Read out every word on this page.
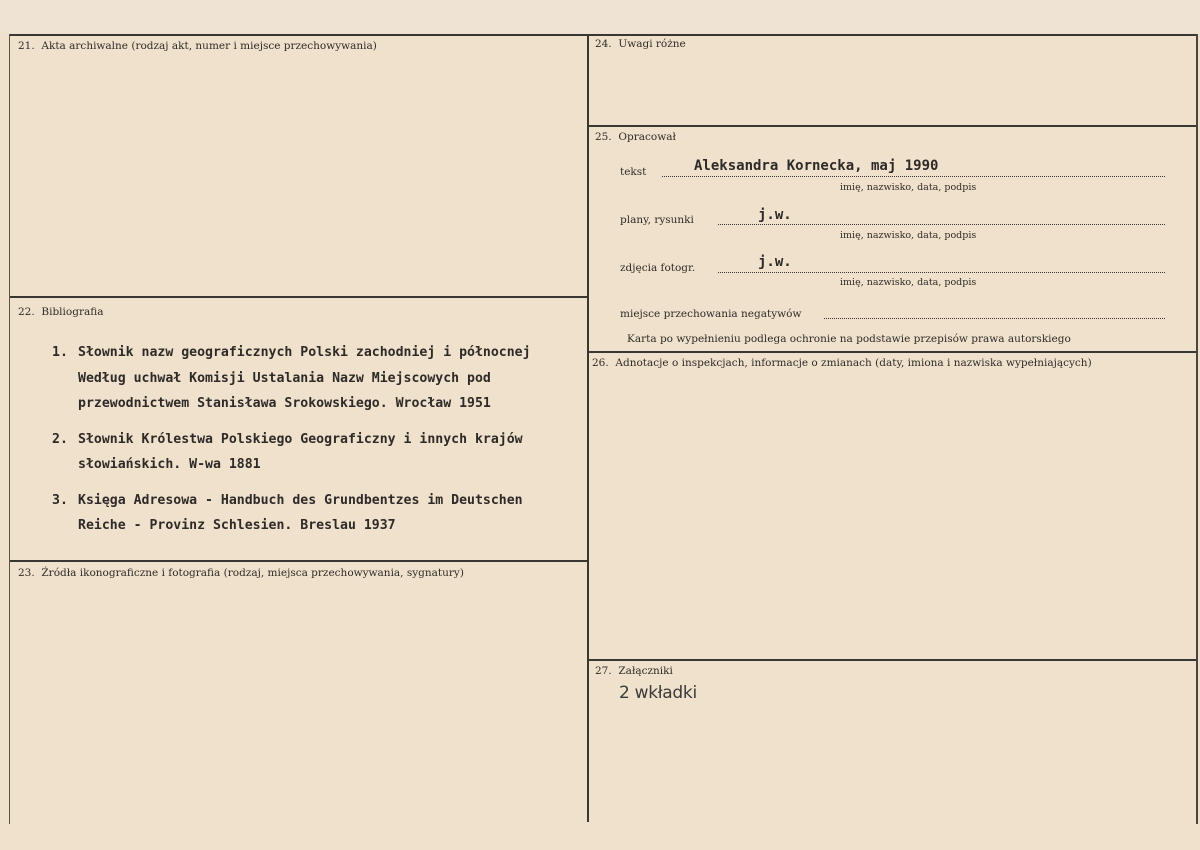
21. Akta archiwalne (rodzaj akt, numer i miejsce przechowywania)
22. Bibliografia
1. Słownik nazw geograficznych Polski zachodniej i północnej
Według uchwał Komisji Ustalania Nazw Miejscowych pod
przewodnictwem Stanisława Srokowskiego. Wrocław 1951
2. Słownik Królestwa Polskiego Geograficzny i innych krajów
słowiańskich. W-wa 1881
3. Księga Adresowa - Handbuch des Grundbentzes im Deutschen
Reiche - Provinz Schlesien. Breslau 1937
23. Źródła ikonograficzne i fotografia (rodzaj, miejsca przechowywania, sygnatury)
24. Uwagi różne
25. Opracował
tekst	Aleksandra Kornecka, maj 1990
imię, nazwisko, data, podpis
plany, rysunki	j.w.
imię, nazwisko, data, podpis
zdjęcia fotogr.	j.w.
imię, nazwisko, data, podpis
miejsce przechowania negatywów
Karta po wypełnieniu podlega ochronie na podstawie przepisów prawa autorskiego
26. Adnotacje o inspekcjach, informacje o zmianach (daty, imiona i nazwiska wypełniających)
27. Załączniki
2 wkładki
